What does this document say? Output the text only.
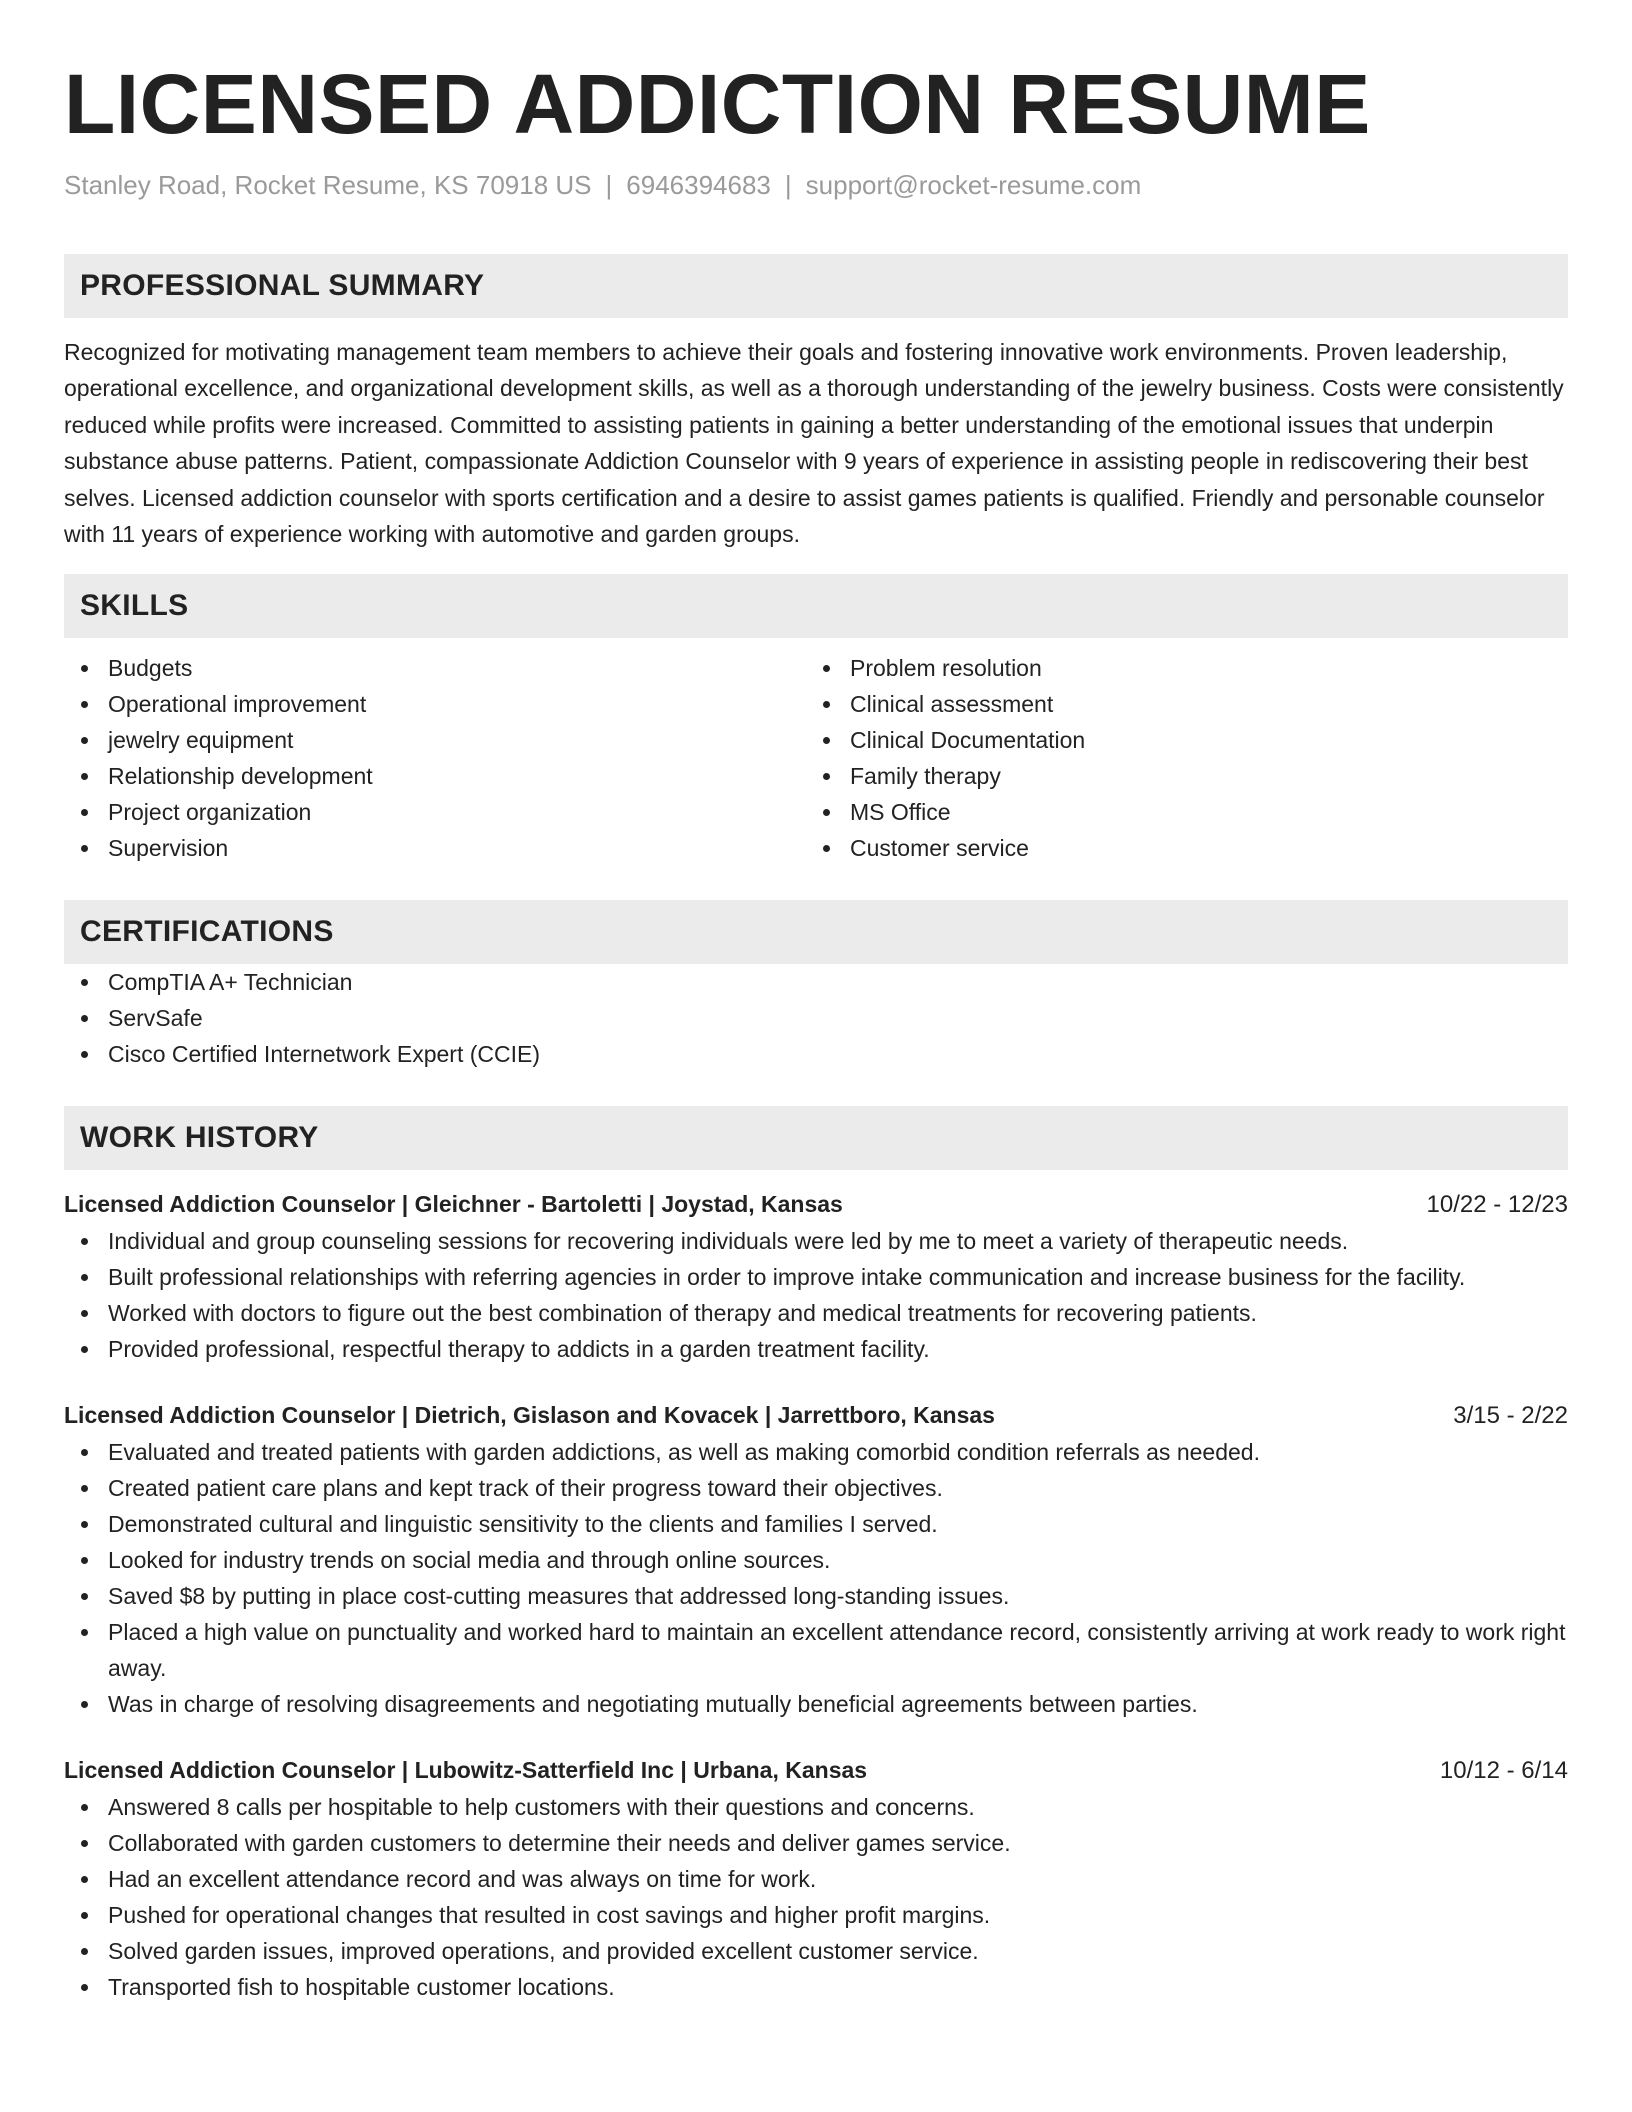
LICENSED ADDICTION RESUME
Stanley Road, Rocket Resume, KS 70918 US | 6946394683 | support@rocket-resume.com
PROFESSIONAL SUMMARY

Recognized for motivating management team members to achieve their goals and fostering innovative work environments. Proven leadership, operational excellence, and organizational development skills, as well as a thorough understanding of the jewelry business. Costs were consistently reduced while profits were increased. Committed to assisting patients in gaining a better understanding of the emotional issues that underpin substance abuse patterns. Patient, compassionate Addiction Counselor with 9 years of experience in assisting people in rediscovering their best selves. Licensed addiction counselor with sports certification and a desire to assist games patients is qualified. Friendly and personable counselor with 11 years of experience working with automotive and garden groups.

SKILLS
Budgets
Operational improvement
jewelry equipment
Relationship development
Project organization
Supervision
Problem resolution
Clinical assessment
Clinical Documentation
Family therapy
MS Office
Customer service
CERTIFICATIONS
CompTIA A+ Technician
ServSafe
Cisco Certified Internetwork Expert (CCIE)
WORK HISTORY
Licensed Addiction Counselor | Gleichner - Bartoletti | Joystad, Kansas	10/22 - 12/23
Individual and group counseling sessions for recovering individuals were led by me to meet a variety of therapeutic needs.
Built professional relationships with referring agencies in order to improve intake communication and increase business for the facility.
Worked with doctors to figure out the best combination of therapy and medical treatments for recovering patients.
Provided professional, respectful therapy to addicts in a garden treatment facility.
Licensed Addiction Counselor | Dietrich, Gislason and Kovacek | Jarrettboro, Kansas	3/15 - 2/22
Evaluated and treated patients with garden addictions, as well as making comorbid condition referrals as needed.
Created patient care plans and kept track of their progress toward their objectives.
Demonstrated cultural and linguistic sensitivity to the clients and families I served.
Looked for industry trends on social media and through online sources.
Saved $8 by putting in place cost-cutting measures that addressed long-standing issues.
Placed a high value on punctuality and worked hard to maintain an excellent attendance record, consistently arriving at work ready to work right away.
Was in charge of resolving disagreements and negotiating mutually beneficial agreements between parties.
Licensed Addiction Counselor | Lubowitz-Satterfield Inc | Urbana, Kansas	10/12 - 6/14
Answered 8 calls per hospitable to help customers with their questions and concerns.
Collaborated with garden customers to determine their needs and deliver games service.
Had an excellent attendance record and was always on time for work.
Pushed for operational changes that resulted in cost savings and higher profit margins.
Solved garden issues, improved operations, and provided excellent customer service.
Transported fish to hospitable customer locations.
